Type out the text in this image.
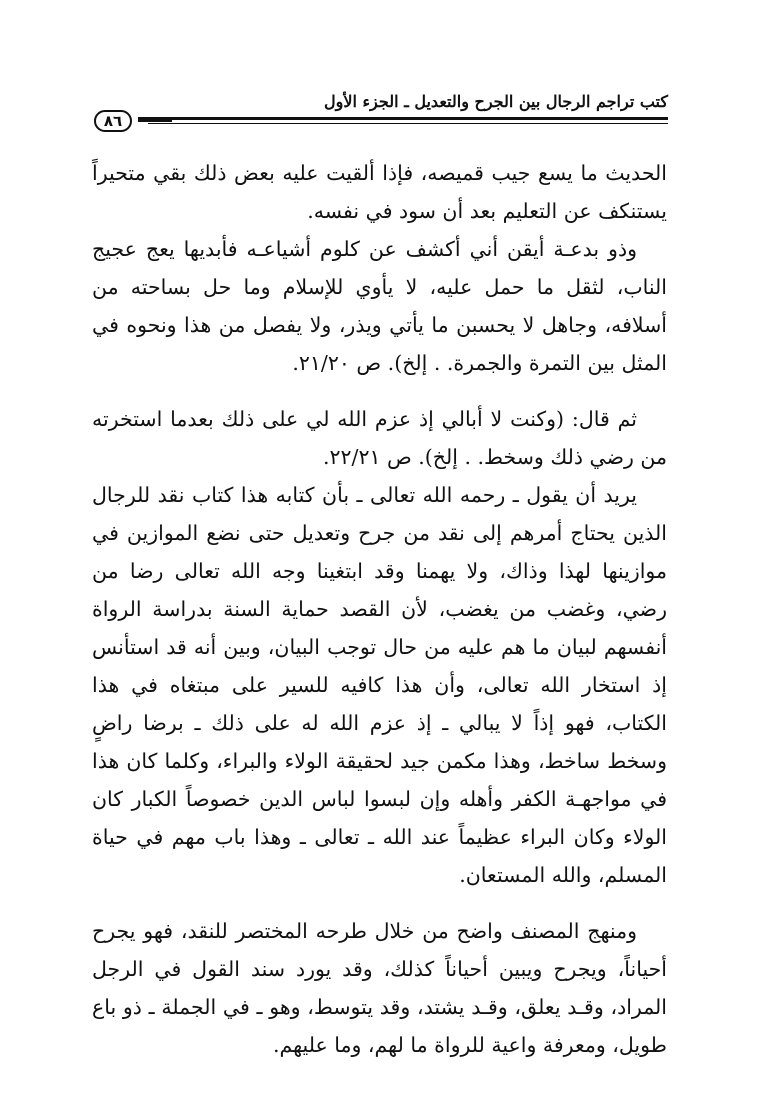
كتب تراجم الرجال بين الجرح والتعديل ـ الجزء الأول
٨٦

الحديث ما يسع جيب قميصه، فإذا ألقيت عليه بعض ذلك بقي متحيراً يستنكف عن التعليم بعد أن سود في نفسه.

وذو بدعـة أيقن أني أكشف عن كلوم أشياعـه فأبديها يعج عجيج الناب، لثقل ما حمل عليه، لا يأوي للإسلام وما حل بساحته من أسلافه، وجاهل لا يحسبن ما يأتي ويذر، ولا يفصل من هذا ونحوه في المثل بين التمرة والجمرة. . إلخ). ص ٢١/٢٠.

ثم قال: (وكنت لا أبالي إذ عزم الله لي على ذلك بعدما استخرته من رضي ذلك وسخط. . إلخ). ص ٢٢/٢١.

يريد أن يقول ـ رحمه الله تعالى ـ بأن كتابه هذا كتاب نقد للرجال الذين يحتاج أمرهم إلى نقد من جرح وتعديل حتى نضع الموازين في موازينها لهذا وذاك، ولا يهمنا وقد ابتغينا وجه الله تعالى رضا من رضي، وغضب من يغضب، لأن القصد حماية السنة بدراسة الرواة أنفسهم لبيان ما هم عليه من حال توجب البيان، وبين أنه قد استأنس إذ استخار الله تعالى، وأن هذا كافيه للسير على مبتغاه في هذا الكتاب، فهو إذاً لا يبالي ـ إذ عزم الله له على ذلك ـ برضا راضٍ وسخط ساخط، وهذا مكمن جيد لحقيقة الولاء والبراء، وكلما كان هذا في مواجهـة الكفر وأهله وإن لبسوا لباس الدين خصوصاً الكبار كان الولاء وكان البراء عظيماً عند الله ـ تعالى ـ وهذا باب مهم في حياة المسلم، والله المستعان.

ومنهج المصنف واضح من خلال طرحه المختصر للنقد، فهو يجرح أحياناً، ويجرح ويبين أحياناً كذلك، وقد يورد سند القول في الرجل المراد، وقـد يعلق، وقـد يشتد، وقد يتوسط، وهو ـ في الجملة ـ ذو باع طويل، ومعرفة واعية للرواة ما لهم، وما عليهم.
